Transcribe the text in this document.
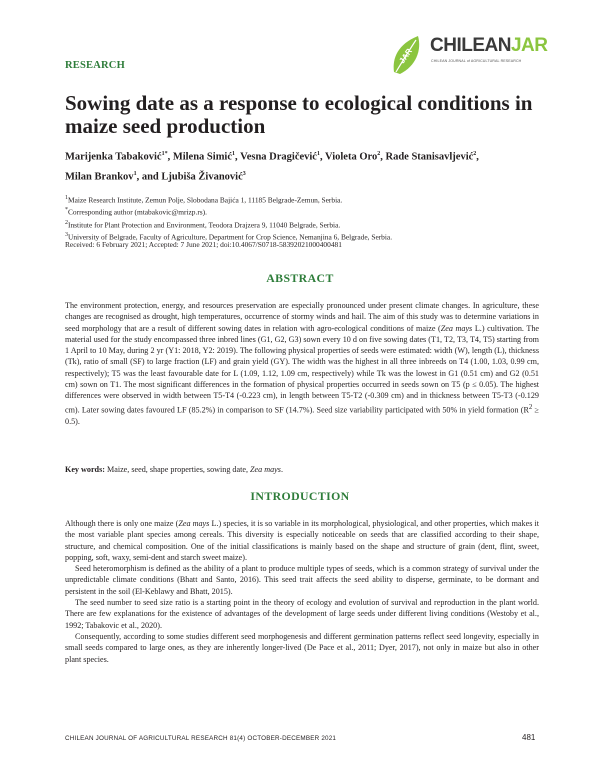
JAR
CHILEANJAR
CHILEAN JOURNAL of AGRICULTURAL RESEARCH
RESEARCH
Sowing date as a response to ecological conditions in maize seed production
Marijenka Tabaković$^{1*}$, Milena Simić$^1$, Vesna Dragičević$^1$, Violeta Oro$^2$, Rade Stanisavljević$^2$,
Milan Brankov$^1$, and Ljubiša Živanović$^3$
$^1$Maize Research Institute, Zemun Polje, Slobodana Bajića 1, 11185 Belgrade-Zemun, Serbia.
*Corresponding author (mtabakovic@mrizp.rs).
$^2$Institute for Plant Protection and Environment, Teodora Drajzera 9, 11040 Belgrade, Serbia.
$^3$University of Belgrade, Faculty of Agriculture, Department for Crop Science, Nemanjina 6, Belgrade, Serbia.
Received: 6 February 2021; Accepted: 7 June 2021; doi:10.4067/S0718-58392021000400481
ABSTRACT
The environment protection, energy, and resources preservation are especially pronounced under present climate changes. In agriculture, these changes are recognised as drought, high temperatures, occurrence of stormy winds and hail. The aim of this study was to determine variations in seed morphology that are a result of different sowing dates in relation with agro-ecological conditions of maize (Zea mays L.) cultivation. The material used for the study encompassed three inbred lines (G1, G2, G3) sown every 10 d on five sowing dates (T1, T2, T3, T4, T5) starting from 1 April to 10 May, during 2 yr (Y1: 2018, Y2: 2019). The following physical properties of seeds were estimated: width (W), length (L), thickness (Tk), ratio of small (SF) to large fraction (LF) and grain yield (GY). The width was the highest in all three inbreeds on T4 (1.00, 1.03, 0.99 cm, respectively); T5 was the least favourable date for L (1.09, 1.12, 1.09 cm, respectively) while Tk was the lowest in G1 (0.51 cm) and G2 (0.51 cm) sown on T1. The most significant differences in the formation of physical properties occurred in seeds sown on T5 (p ≤ 0.05). The highest differences were observed in width between T5-T4 (-0.223 cm), in length between T5-T2 (-0.309 cm) and in thickness between T5-T3 (-0.129 cm). Later sowing dates favoured LF (85.2%) in comparison to SF (14.7%). Seed size variability participated with 50% in yield formation $(R^2 \ge 0.5)$.
Key words: Maize, seed, shape properties, sowing date, Zea mays.
INTRODUCTION

Although there is only one maize (Zea mays L.) species, it is so variable in its morphological, physiological, and other properties, which makes it the most variable plant species among cereals. This diversity is especially noticeable on seeds that are classified according to their shape, structure, and chemical composition. One of the initial classifications is mainly based on the shape and structure of grain (dent, flint, sweet, popping, soft, waxy, semi-dent and starch sweet maize).

Seed heteromorphism is defined as the ability of a plant to produce multiple types of seeds, which is a common strategy of survival under the unpredictable climate conditions (Bhatt and Santo, 2016). This seed trait affects the seed ability to disperse, germinate, to be dormant and persistent in the soil (El-Keblawy and Bhatt, 2015).

The seed number to seed size ratio is a starting point in the theory of ecology and evolution of survival and reproduction in the plant world. There are few explanations for the existence of advantages of the development of large seeds under different living conditions (Westoby et al., 1992; Tabakovic et al., 2020).

Consequently, according to some studies different seed morphogenesis and different germination patterns reflect seed longevity, especially in small seeds compared to large ones, as they are inherently longer-lived (De Pace et al., 2011; Dyer, 2017), not only in maize but also in other plant species.

CHILEAN JOURNAL OF AGRICULTURAL RESEARCH 81(4) OCTOBER-DECEMBER 2021	481
